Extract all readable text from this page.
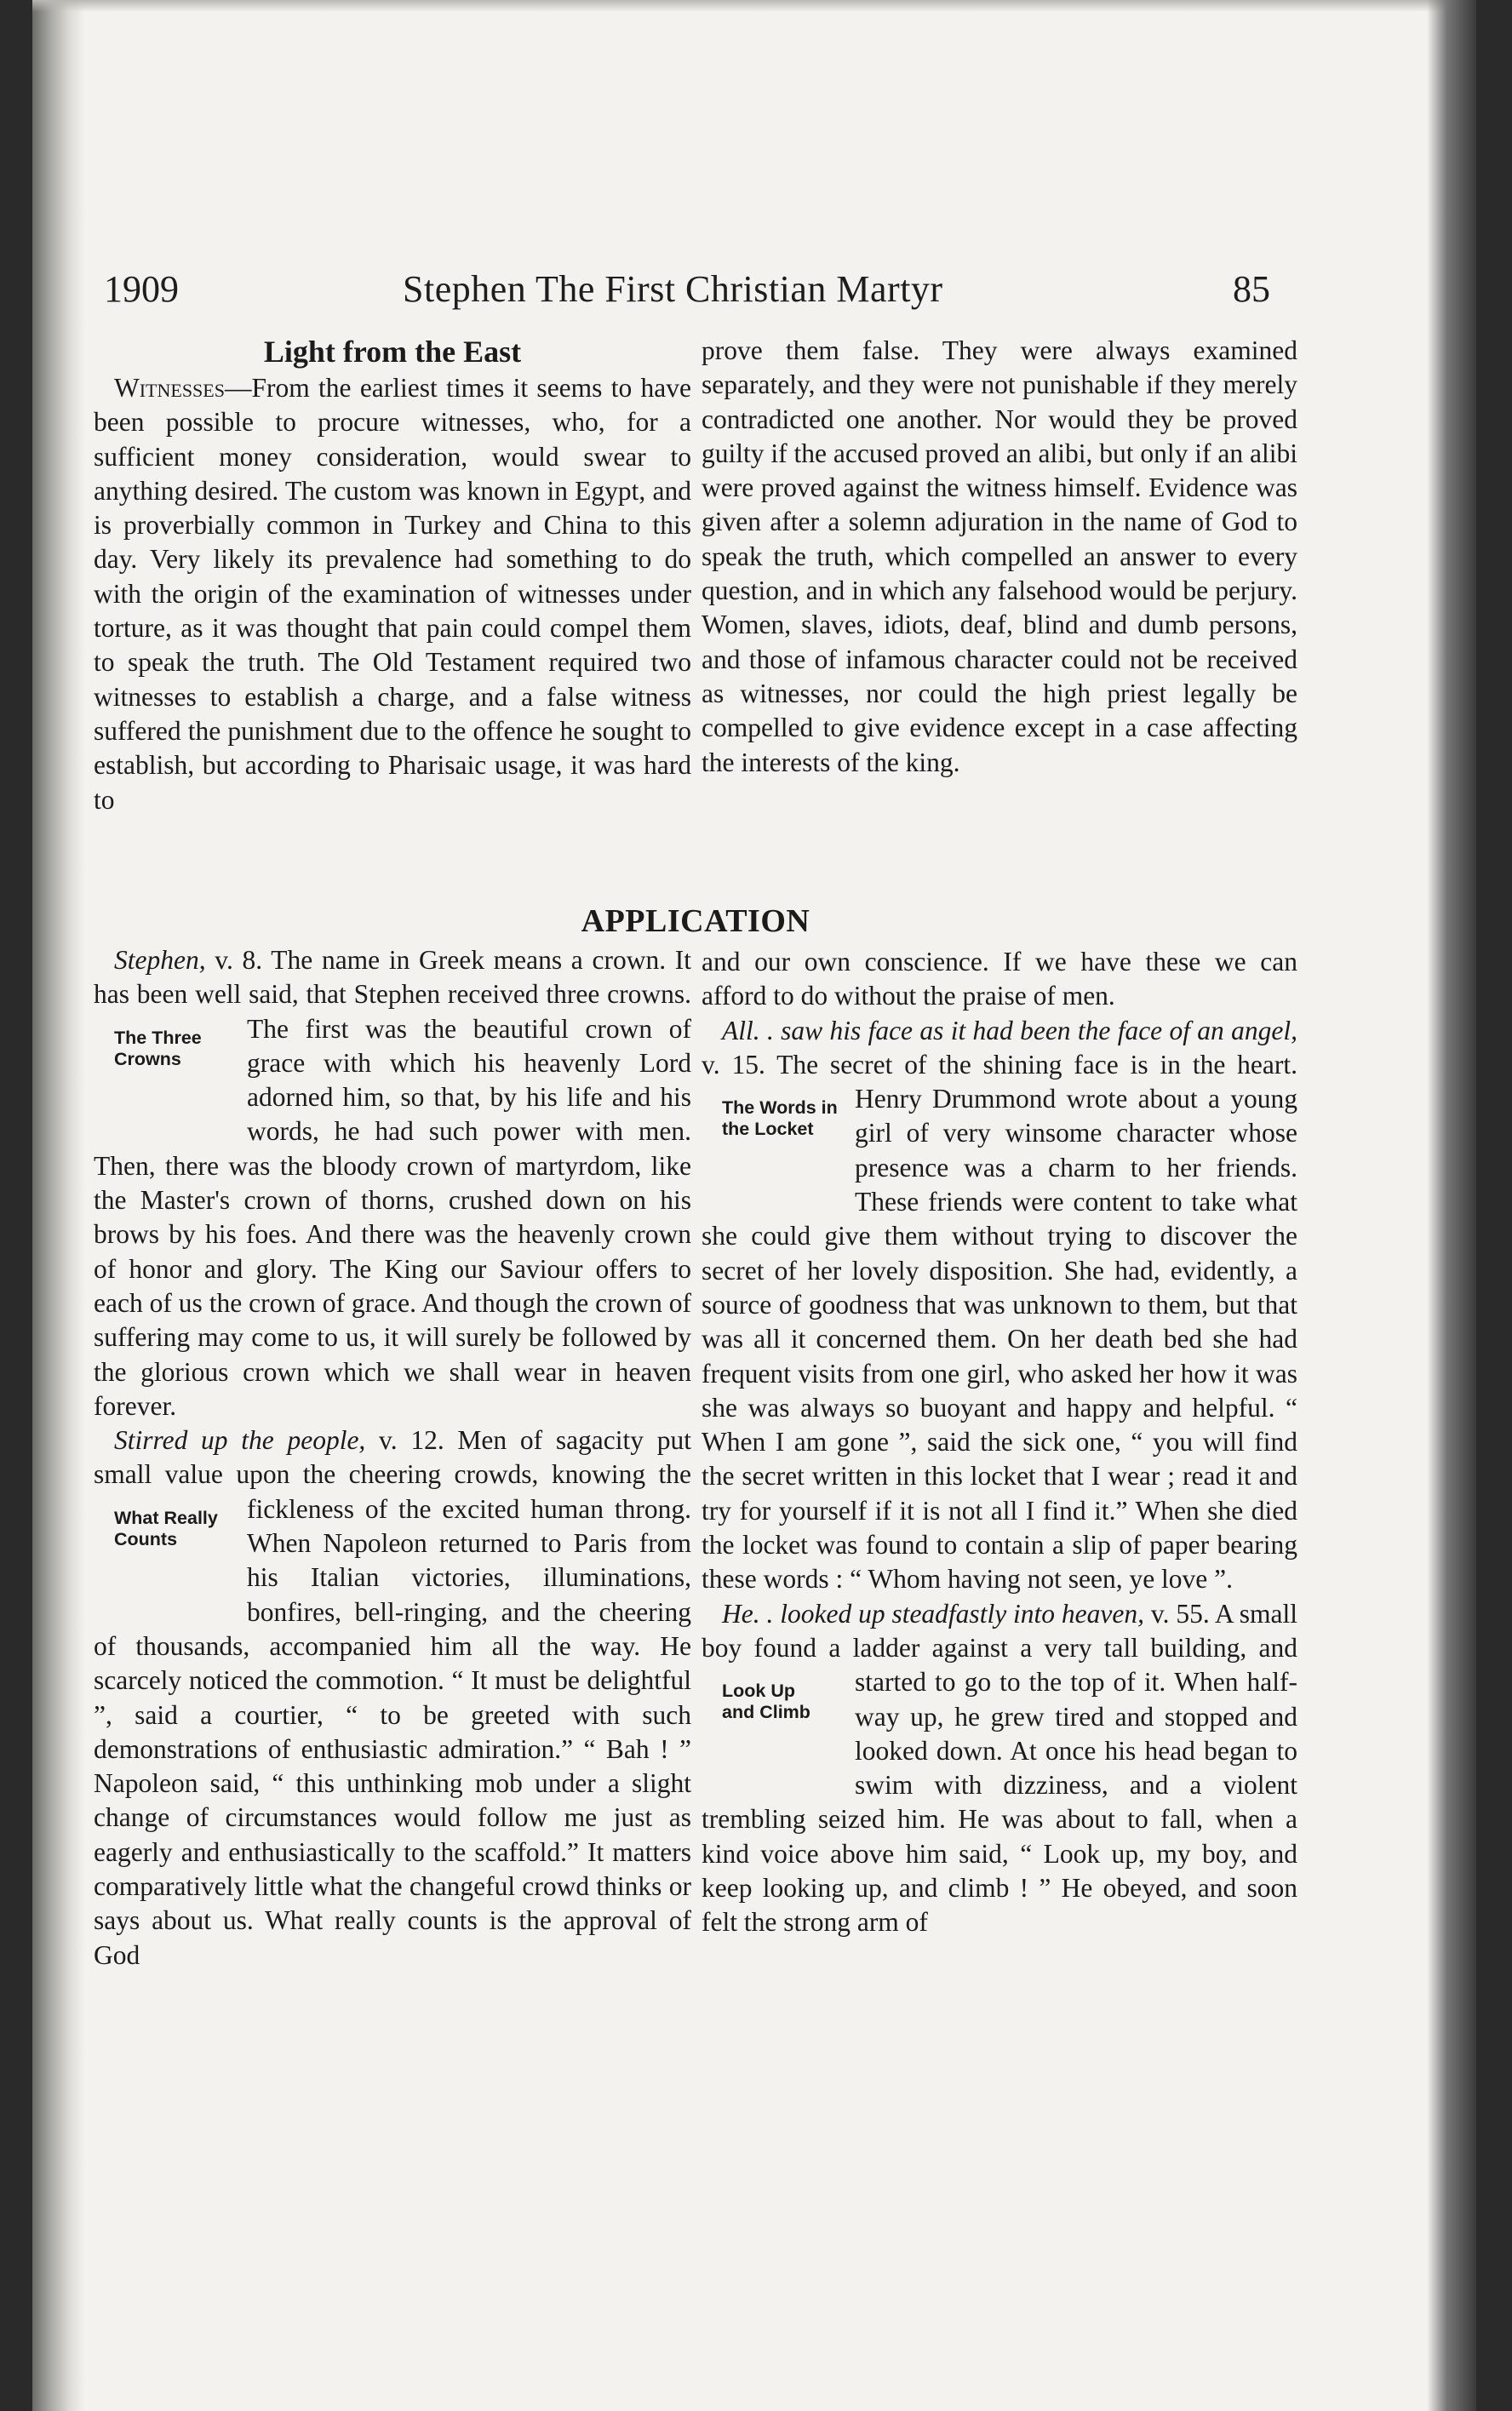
1909	Stephen The First Christian Martyr	85
Light from the East

Witnesses—From the earliest times it seems to have been possible to procure witnesses, who, for a sufficient money consideration, would swear to anything desired. The custom was known in Egypt, and is proverbially common in Turkey and China to this day. Very likely its prevalence had something to do with the origin of the examination of witnesses under torture, as it was thought that pain could compel them to speak the truth. The Old Testament required two witnesses to establish a charge, and a false witness suffered the punishment due to the offence he sought to establish, but according to Pharisaic usage, it was hard to

prove them false. They were always examined separately, and they were not punishable if they merely contradicted one another. Nor would they be proved guilty if the accused proved an alibi, but only if an alibi were proved against the witness himself. Evidence was given after a solemn adjuration in the name of God to speak the truth, which compelled an answer to every question, and in which any falsehood would be perjury. Women, slaves, idiots, deaf, blind and dumb persons, and those of infamous character could not be received as witnesses, nor could the high priest legally be compelled to give evidence except in a case affecting the interests of the king.

APPLICATION

Stephen, v. 8. The name in Greek means a crown. It has been well said, that Stephen received three crowns. The first was the
The Three
Crowns
beautiful crown of grace with which his heavenly Lord adorned him, so that, by his life and his words, he had such power with men. Then, there was the bloody crown of martyrdom, like the Master's crown of thorns, crushed down on his brows by his foes. And there was the heavenly crown of honor and glory. The King our Saviour offers to each of us the crown of grace. And though the crown of suffering may come to us, it will surely be followed by the glorious crown which we shall wear in heaven forever.

Stirred up the people, v. 12. Men of sagacity put small value upon the cheering crowds, knowing the fickleness of the excited human
What Really
Counts
throng. When Napoleon returned to Paris from his Italian victories, illuminations, bonfires, bell-ringing, and the cheering of thousands, accompanied him all the way. He scarcely noticed the commotion. “ It must be delightful ”, said a courtier, “ to be greeted with such demonstrations of enthusiastic admiration.” “ Bah ! ” Napoleon said, “ this unthinking mob under a slight change of circumstances would follow me just as eagerly and enthusiastically to the scaffold.” It matters comparatively little what the changeful crowd thinks or says about us. What really counts is the approval of God

and our own conscience. If we have these we can afford to do without the praise of men.

All. . saw his face as it had been the face of an angel, v. 15. The secret of the shining face is in the heart. Henry Drummond
The Words in
the Locket
wrote about a young girl of very winsome character whose presence was a charm to her friends. These friends were content to take what she could give them without trying to discover the secret of her lovely disposition. She had, evidently, a source of goodness that was unknown to them, but that was all it concerned them. On her death bed she had frequent visits from one girl, who asked her how it was she was always so buoyant and happy and helpful. “ When I am gone ”, said the sick one, “ you will find the secret written in this locket that I wear ; read it and try for yourself if it is not all I find it.” When she died the locket was found to contain a slip of paper bearing these words : “ Whom having not seen, ye love ”.

He. . looked up steadfastly into heaven, v. 55. A small boy found a ladder against a very tall building, and started to go to the top of it.
Look Up
and Climb
When half-way up, he grew tired and stopped and looked down. At once his head began to swim with dizziness, and a violent trembling seized him. He was about to fall, when a kind voice above him said, “ Look up, my boy, and keep looking up, and climb ! ” He obeyed, and soon felt the strong arm of
